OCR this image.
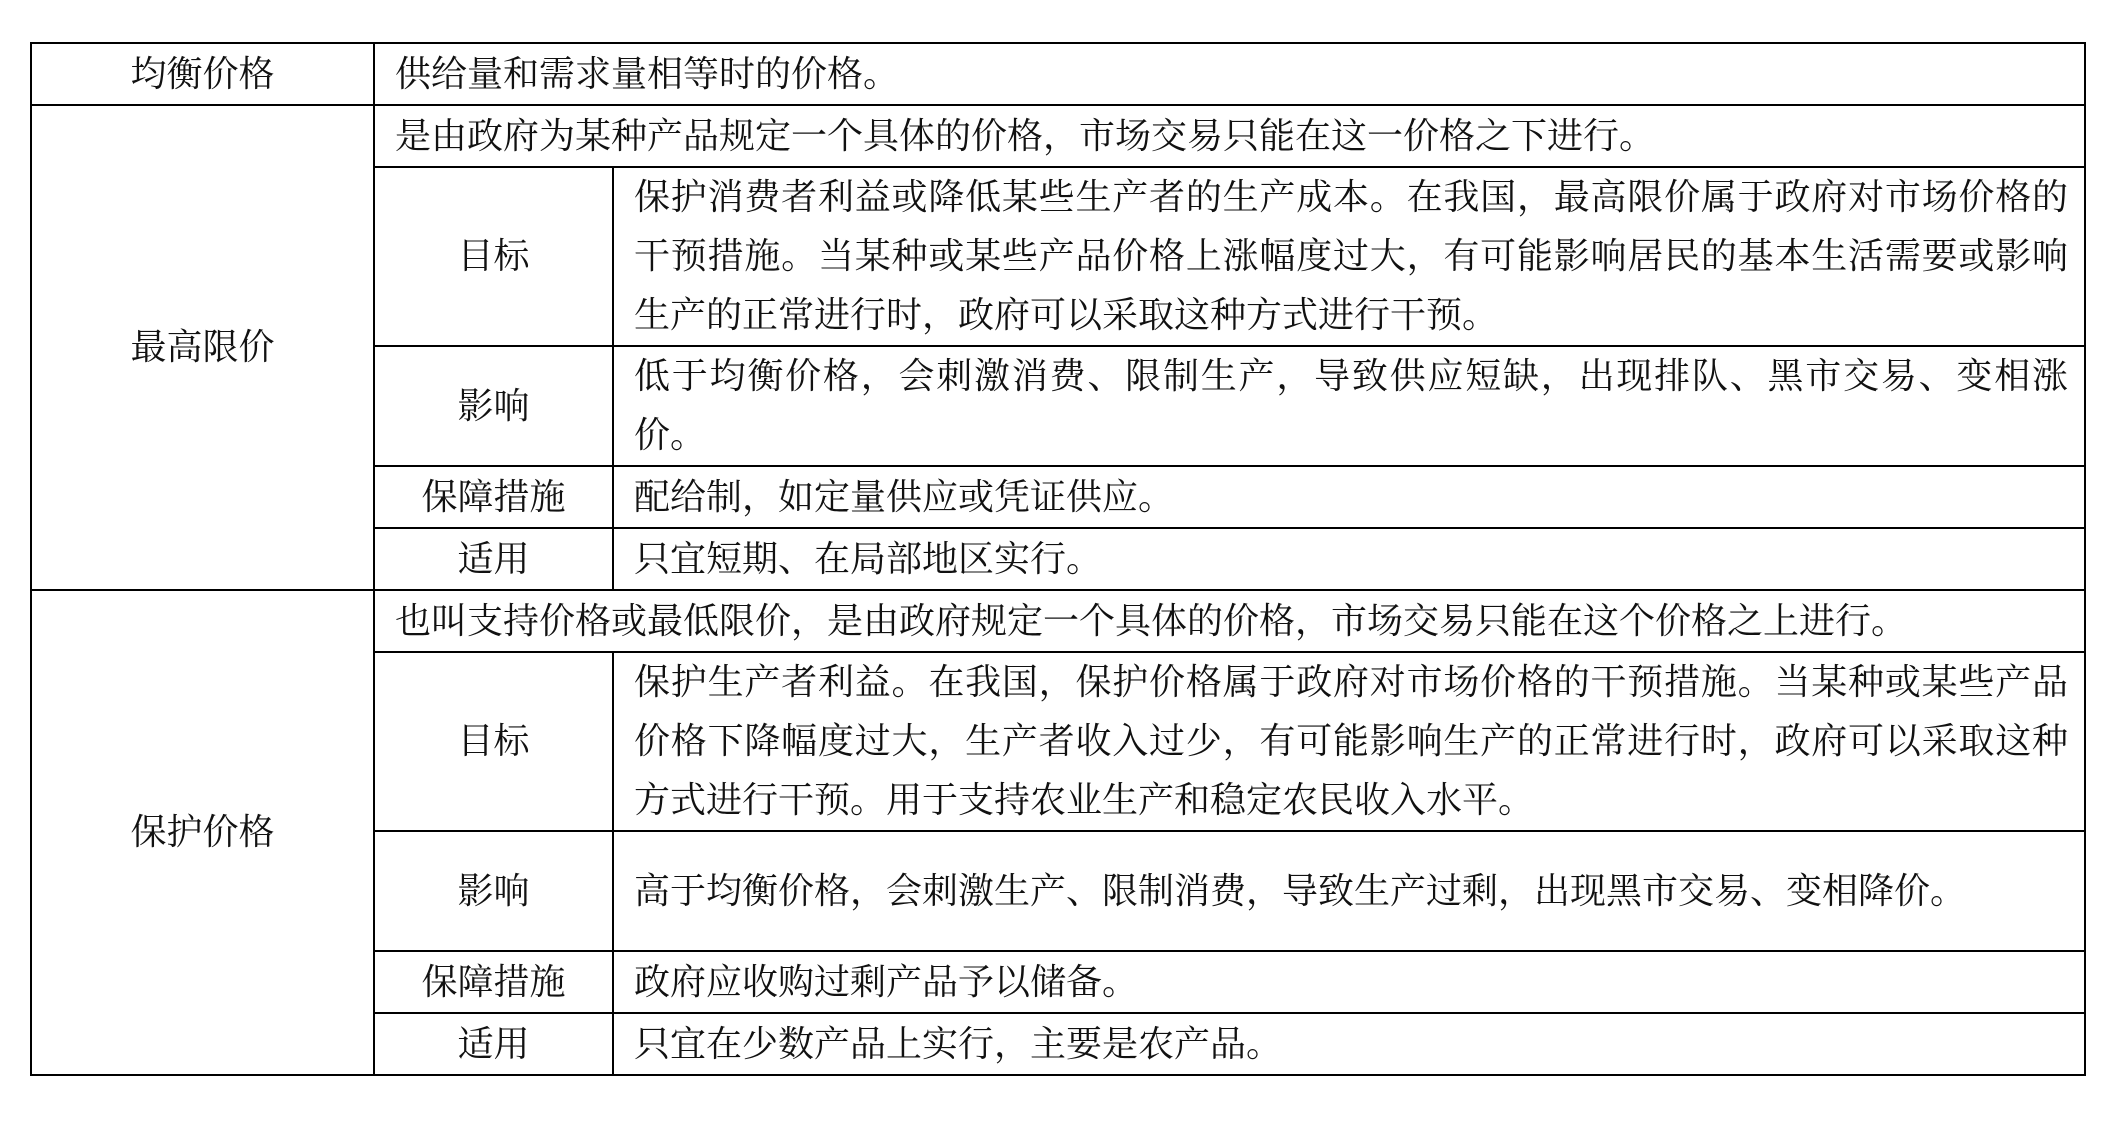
均衡价格	供给量和需求量相等时的价格。	
最高限价	是由政府为某种产品规定一个具体的价格，市场交易只能在这一价格之下进行。	
	目标	保护消费者利益或降低某些生产者的生产成本。在我国，最高限价属于政府对市场价格的干预措施。当某种或某些产品价格上涨幅度过大，有可能影响居民的基本生活需要或影响生产的正常进行时，政府可以采取这种方式进行干预。
	影响	低于均衡价格，会刺激消费、限制生产，导致供应短缺，出现排队、黑市交易、变相涨价。
	保障措施	配给制，如定量供应或凭证供应。
	适用	只宜短期、在局部地区实行。
保护价格	也叫支持价格或最低限价，是由政府规定一个具体的价格，市场交易只能在这个价格之上进行。	
	目标	保护生产者利益。在我国，保护价格属于政府对市场价格的干预措施。当某种或某些产品价格下降幅度过大，生产者收入过少，有可能影响生产的正常进行时，政府可以采取这种方式进行干预。用于支持农业生产和稳定农民收入水平。
	影响	高于均衡价格，会刺激生产、限制消费，导致生产过剩，出现黑市交易、变相降价。
	保障措施	政府应收购过剩产品予以储备。
	适用	只宜在少数产品上实行，主要是农产品。
